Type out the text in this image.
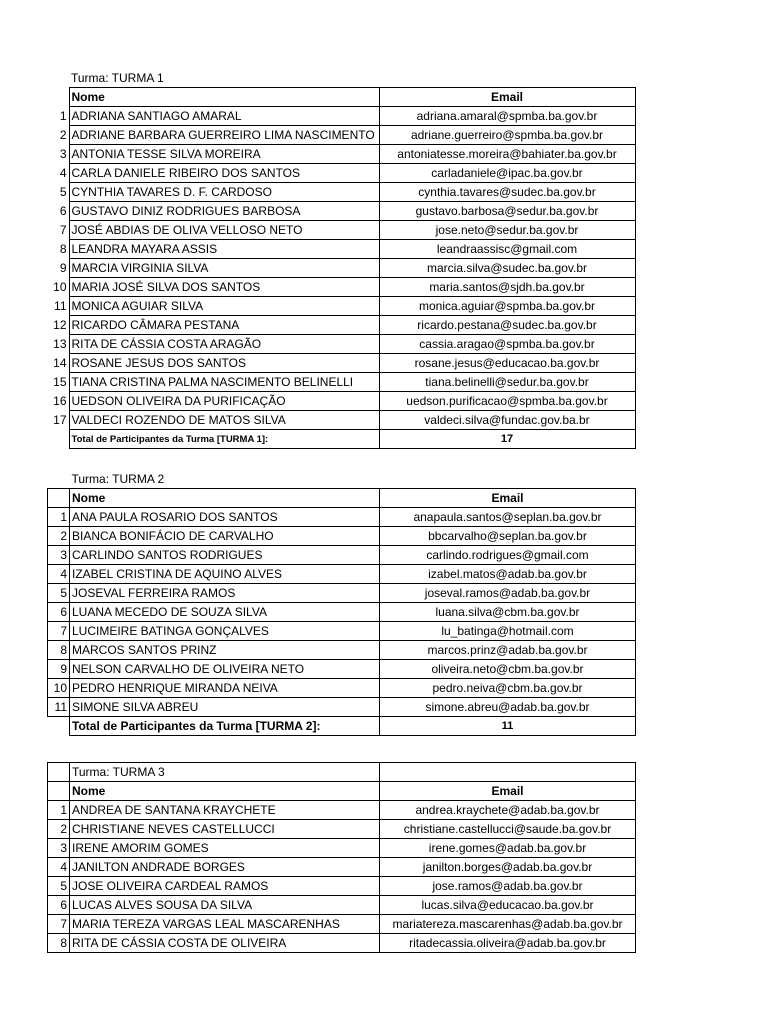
	Turma: TURMA 1	
	Nome	Email
1	ADRIANA SANTIAGO AMARAL	adriana.amaral@spmba.ba.gov.br
2	ADRIANE BARBARA GUERREIRO LIMA NASCIMENTO	adriane.guerreiro@spmba.ba.gov.br
3	ANTONIA TESSE SILVA MOREIRA	antoniatesse.moreira@bahiater.ba.gov.br
4	CARLA DANIELE RIBEIRO DOS SANTOS	carladaniele@ipac.ba.gov.br
5	CYNTHIA TAVARES D. F. CARDOSO	cynthia.tavares@sudec.ba.gov.br
6	GUSTAVO DINIZ RODRIGUES BARBOSA	gustavo.barbosa@sedur.ba.gov.br
7	JOSÉ ABDIAS DE OLIVA VELLOSO NETO	jose.neto@sedur.ba.gov.br
8	LEANDRA MAYARA ASSIS	leandraassisc@gmail.com
9	MARCIA VIRGINIA SILVA	marcia.silva@sudec.ba.gov.br
10	MARIA JOSÉ SILVA DOS SANTOS	maria.santos@sjdh.ba.gov.br
11	MONICA AGUIAR SILVA	monica.aguiar@spmba.ba.gov.br
12	RICARDO CÂMARA PESTANA	ricardo.pestana@sudec.ba.gov.br
13	RITA DE CÁSSIA COSTA ARAGÃO	cassia.aragao@spmba.ba.gov.br
14	ROSANE JESUS DOS SANTOS	rosane.jesus@educacao.ba.gov.br
15	TIANA CRISTINA PALMA NASCIMENTO BELINELLI	tiana.belinelli@sedur.ba.gov.br
16	UEDSON OLIVEIRA DA PURIFICAÇÃO	uedson.purificacao@spmba.ba.gov.br
17	VALDECI ROZENDO DE MATOS SILVA	valdeci.silva@fundac.gov.ba.br
	Total de Participantes da Turma [TURMA 1]:	17
	Turma: TURMA 2	
	Nome	Email
1	ANA PAULA ROSARIO DOS SANTOS	anapaula.santos@seplan.ba.gov.br
2	BIANCA BONIFÁCIO DE CARVALHO	bbcarvalho@seplan.ba.gov.br
3	CARLINDO SANTOS RODRIGUES	carlindo.rodrigues@gmail.com
4	IZABEL CRISTINA DE AQUINO ALVES	izabel.matos@adab.ba.gov.br
5	JOSEVAL FERREIRA RAMOS	joseval.ramos@adab.ba.gov.br
6	LUANA MECEDO DE SOUZA SILVA	luana.silva@cbm.ba.gov.br
7	LUCIMEIRE BATINGA GONÇALVES	lu_batinga@hotmail.com
8	MARCOS SANTOS PRINZ	marcos.prinz@adab.ba.gov.br
9	NELSON CARVALHO DE OLIVEIRA NETO	oliveira.neto@cbm.ba.gov.br
10	PEDRO HENRIQUE MIRANDA NEIVA	pedro.neiva@cbm.ba.gov.br
11	SIMONE SILVA ABREU	simone.abreu@adab.ba.gov.br
	Total de Participantes da Turma [TURMA 2]:	11
	Turma: TURMA 3	
	Nome	Email
1	ANDREA DE SANTANA KRAYCHETE	andrea.kraychete@adab.ba.gov.br
2	CHRISTIANE NEVES CASTELLUCCI	christiane.castellucci@saude.ba.gov.br
3	IRENE AMORIM GOMES	irene.gomes@adab.ba.gov.br
4	JANILTON ANDRADE BORGES	janilton.borges@adab.ba.gov.br
5	JOSE OLIVEIRA CARDEAL RAMOS	jose.ramos@adab.ba.gov.br
6	LUCAS ALVES SOUSA DA SILVA	lucas.silva@educacao.ba.gov.br
7	MARIA TEREZA VARGAS LEAL MASCARENHAS	mariatereza.mascarenhas@adab.ba.gov.br
8	RITA DE CÁSSIA COSTA DE OLIVEIRA	ritadecassia.oliveira@adab.ba.gov.br
